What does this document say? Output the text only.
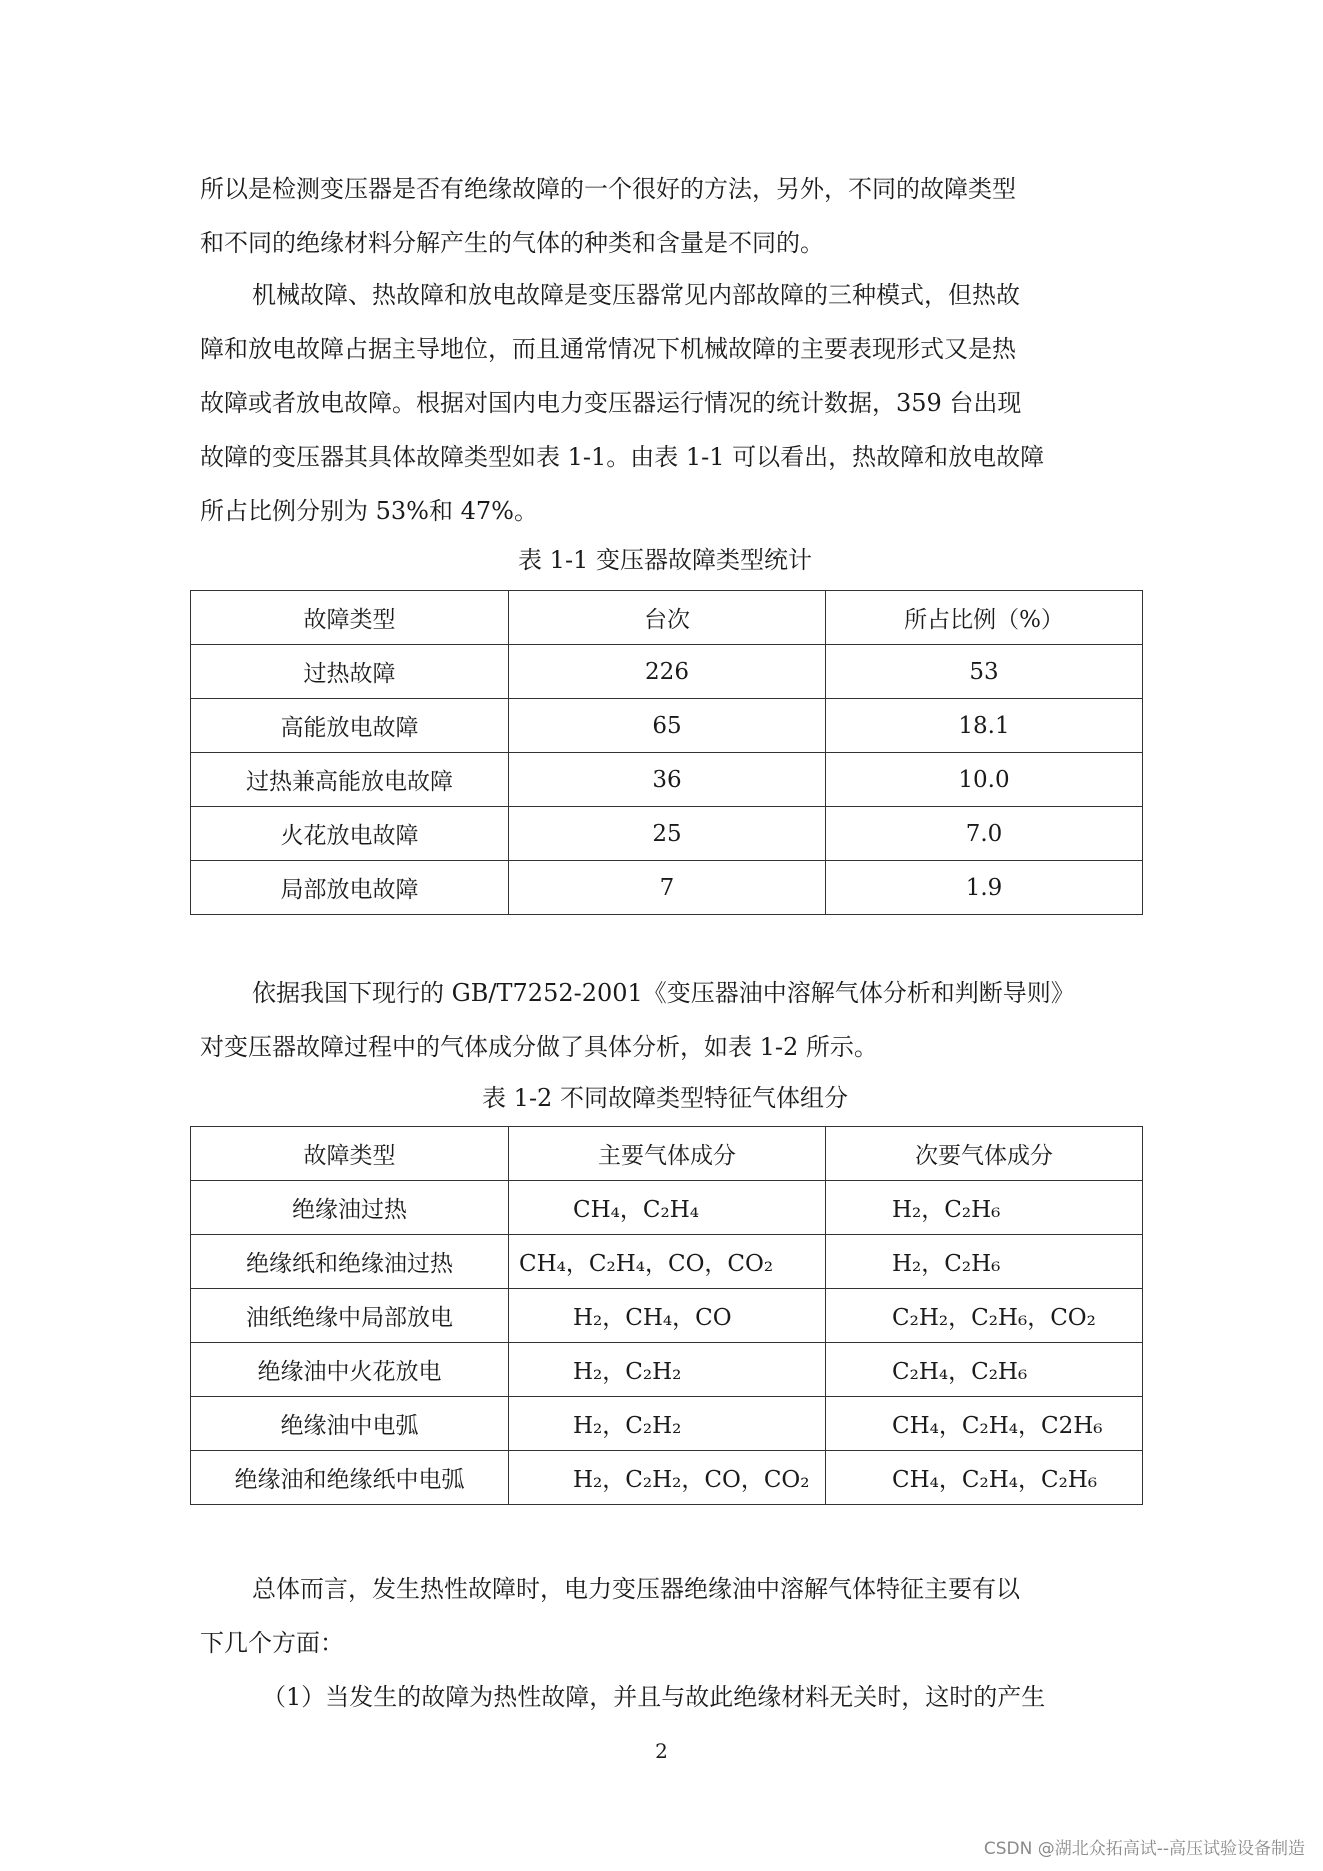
所以是检测变压器是否有绝缘故障的一个很好的方法，另外，不同的故障类型
和不同的绝缘材料分解产生的气体的种类和含量是不同的。
机械故障、热故障和放电故障是变压器常见内部故障的三种模式，但热故
障和放电故障占据主导地位，而且通常情况下机械故障的主要表现形式又是热
故障或者放电故障。根据对国内电力变压器运行情况的统计数据，359 台出现
故障的变压器其具体故障类型如表 1-1。由表 1-1 可以看出，热故障和放电故障
所占比例分别为 53%和 47%。

表 1-1 变压器故障类型统计

故障类型	台次	所占比例（%）
过热故障	226	53
高能放电故障	65	18.1
过热兼高能放电故障	36	10.0
火花放电故障	25	7.0
局部放电故障	7	1.9
依据我国下现行的 GB/T7252-2001《变压器油中溶解气体分析和判断导则》
对变压器故障过程中的气体成分做了具体分析，如表 1-2 所示。

表 1-2 不同故障类型特征气体组分

故障类型	主要气体成分	次要气体成分
绝缘油过热	CH₄，C₂H₄	H₂，C₂H₆
绝缘纸和绝缘油过热	CH₄，C₂H₄，CO，CO₂	H₂，C₂H₆
油纸绝缘中局部放电	H₂，CH₄，CO	C₂H₂，C₂H₆，CO₂
绝缘油中火花放电	H₂，C₂H₂	C₂H₄，C₂H₆
绝缘油中电弧	H₂，C₂H₂	CH₄，C₂H₄，C2H₆
绝缘油和绝缘纸中电弧	H₂，C₂H₂，CO，CO₂	CH₄，C₂H₄，C₂H₆
总体而言，发生热性故障时，电力变压器绝缘油中溶解气体特征主要有以
下几个方面：
（1）当发生的故障为热性故障，并且与故此绝缘材料无关时，这时的产生
2
CSDN @湖北众拓高试--高压试验设备制造
